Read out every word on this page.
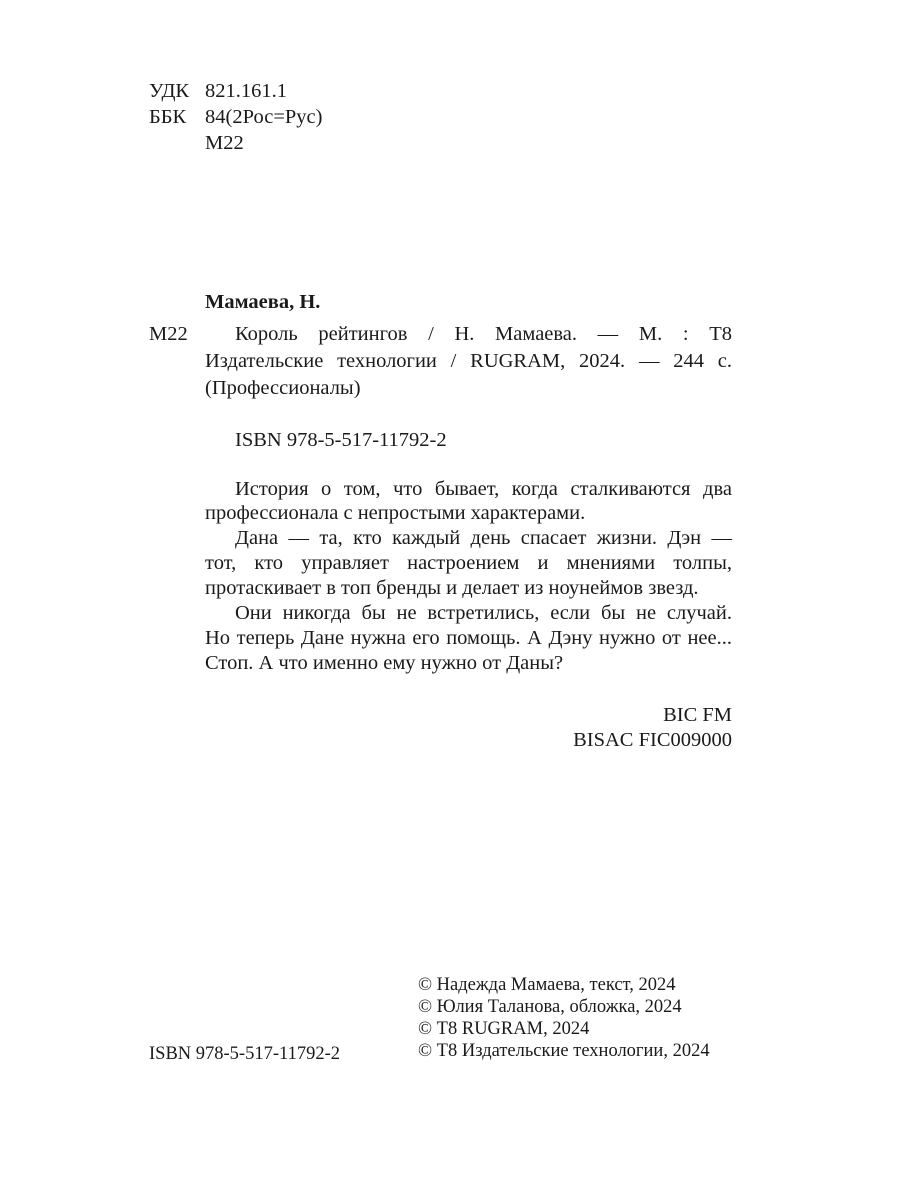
УДК 821.161.1
ББК 84(2Рос=Рус)
М22
Мамаева, Н.
М22 Король рейтингов / Н. Мамаева. — М. : Т8
Издательские технологии / RUGRAM, 2024. — 244 с.
(Профессионалы)
ISBN 978-5-517-11792-2
История о том, что бывает, когда сталкиваются два
профессионала с непростыми характерами.
Дана — та, кто каждый день спасает жизни. Дэн —
тот, кто управляет настроением и мнениями толпы,
протаскивает в топ бренды и делает из ноунеймов звезд.
Они никогда бы не встретились, если бы не случай.
Но теперь Дане нужна его помощь. А Дэну нужно от нее...
Стоп. А что именно ему нужно от Даны?
BIC FM
BISAC FIC009000
© Надежда Мамаева, текст, 2024
© Юлия Таланова, обложка, 2024
© Т8 RUGRAM, 2024
© Т8 Издательские технологии, 2024
ISBN 978-5-517-11792-2
